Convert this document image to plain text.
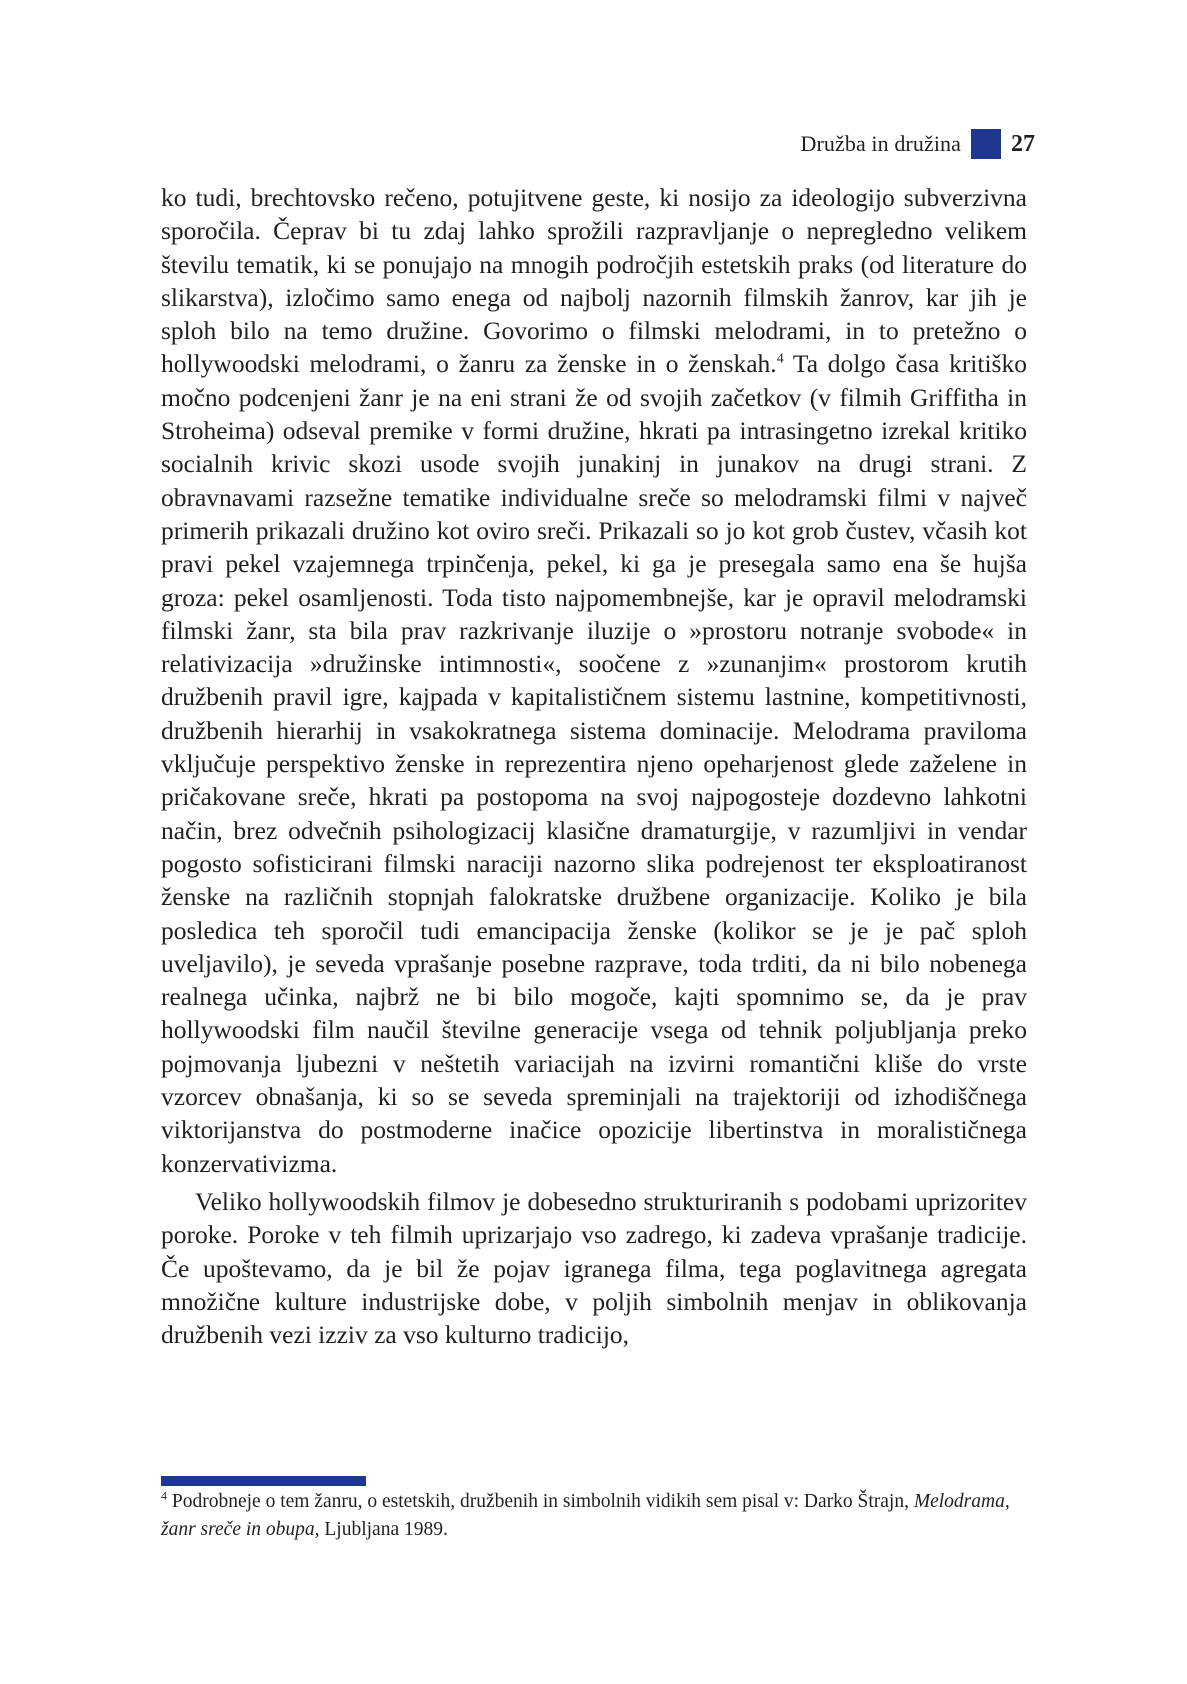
Družba in družina 27

ko tudi, brechtovsko rečeno, potujitvene geste, ki nosijo za ideologijo subverzivna sporočila. Čeprav bi tu zdaj lahko sprožili razpravljanje o nepregledno velikem številu tematik, ki se ponujajo na mnogih področjih estetskih praks (od literature do slikarstva), izločimo samo enega od najbolj nazornih filmskih žanrov, kar jih je sploh bilo na temo družine. Govorimo o filmski melodrami, in to pretežno o hollywoodski melodrami, o žanru za ženske in o ženskah.$^4$ Ta dolgo časa kritiško močno podcenjeni žanr je na eni strani že od svojih začetkov (v filmih Griffitha in Stroheima) odseval premike v formi družine, hkrati pa intrasingetno izrekal kritiko socialnih krivic skozi usode svojih junakinj in junakov na drugi strani. Z obravnavami razsežne tematike individualne sreče so melodramski filmi v največ primerih prikazali družino kot oviro sreči. Prikazali so jo kot grob čustev, včasih kot pravi pekel vzajemnega trpinčenja, pekel, ki ga je presegala samo ena še hujša groza: pekel osamljenosti. Toda tisto najpomembnejše, kar je opravil melodramski filmski žanr, sta bila prav razkrivanje iluzije o »prostoru notranje svobode« in relativizacija »družinske intimnosti«, soočene z »zunanjim« prostorom krutih družbenih pravil igre, kajpada v kapitalističnem sistemu lastnine, kompetitivnosti, družbenih hierarhij in vsakokratnega sistema dominacije. Melodrama praviloma vključuje perspektivo ženske in reprezentira njeno opeharjenost glede zaželene in pričakovane sreče, hkrati pa postopoma na svoj najpogosteje dozdevno lahkotni način, brez odvečnih psihologizacij klasične dramaturgije, v razumljivi in vendar pogosto sofisticirani filmski naraciji nazorno slika podrejenost ter eksploatiranost ženske na različnih stopnjah falokratske družbene organizacije. Koliko je bila posledica teh sporočil tudi emancipacija ženske (kolikor se je je pač sploh uveljavilo), je seveda vprašanje posebne razprave, toda trditi, da ni bilo nobenega realnega učinka, najbrž ne bi bilo mogoče, kajti spomnimo se, da je prav hollywoodski film naučil številne generacije vsega od tehnik poljubljanja preko pojmovanja ljubezni v neštetih variacijah na izvirni romantični kliše do vrste vzorcev obnašanja, ki so se seveda spreminjali na trajektoriji od izhodiščnega viktorijanstva do postmoderne inačice opozicije libertinstva in moralističnega konzervativizma.

Veliko hollywoodskih filmov je dobesedno strukturiranih s podobami uprizoritev poroke. Poroke v teh filmih uprizarjajo vso zadrego, ki zadeva vprašanje tradicije. Če upoštevamo, da je bil že pojav igranega filma, tega poglavitnega agregata množične kulture industrijske dobe, v poljih simbolnih menjav in oblikovanja družbenih vezi izziv za vso kulturno tradicijo,

$^4$ Podrobneje o tem žanru, o estetskih, družbenih in simbolnih vidikih sem pisal v: Darko Štrajn, Melodrama, žanr sreče in obupa, Ljubljana 1989.
